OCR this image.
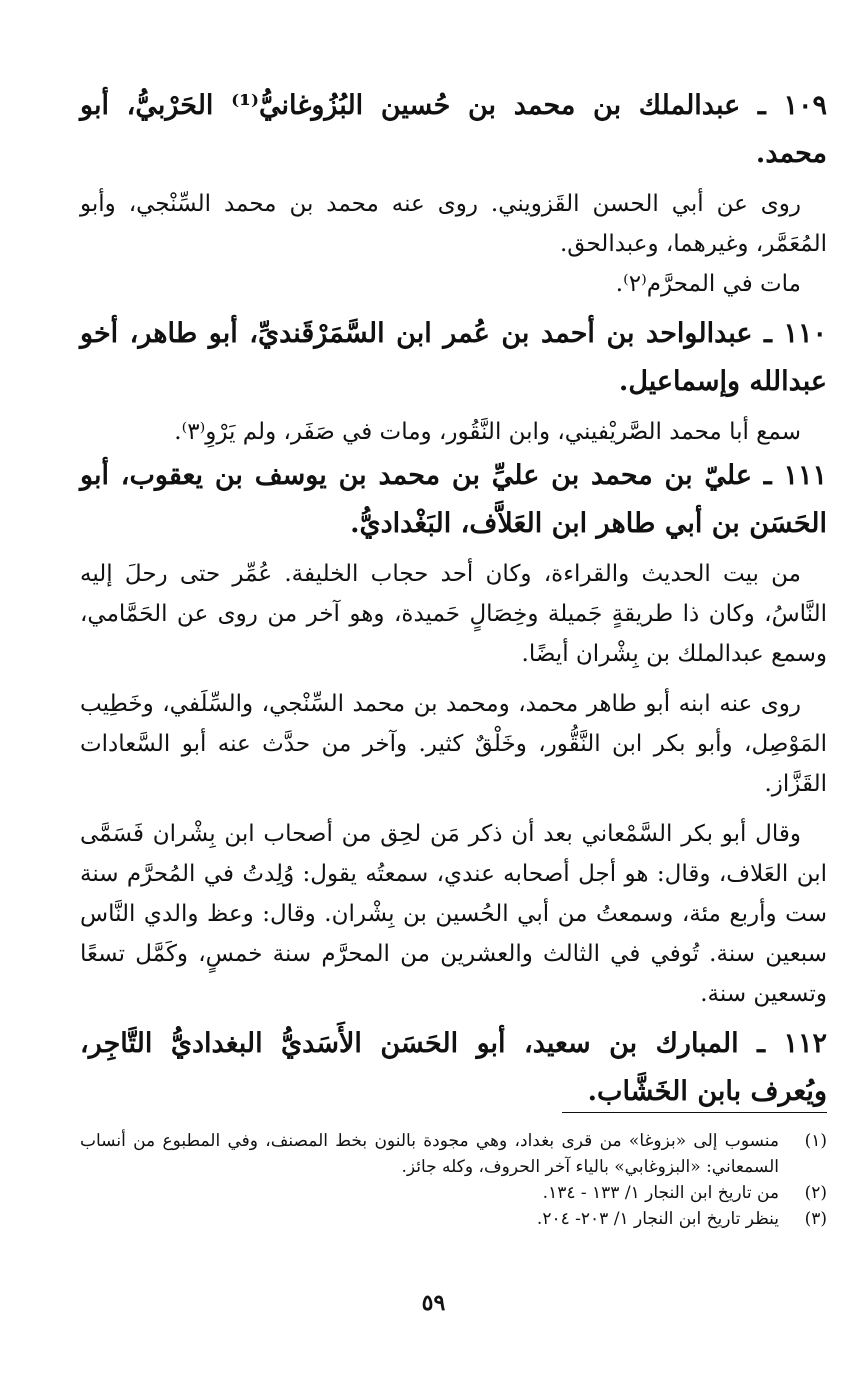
١٠٩ ـ عبدالملك بن محمد بن حُسين البُزُوغانيُّ⁽¹⁾ الحَرْبيُّ، أبو محمد.

روى عن أبي الحسن القَزويني. روى عنه محمد بن محمد السِّنْجي، وأبو المُعَمَّر، وغيرهما، وعبدالحق.

مات في المحرَّم⁽٢⁾.

١١٠ ـ عبدالواحد بن أحمد بن عُمر ابن السَّمَرْقَنديِّ، أبو طاهر، أخو عبدالله وإسماعيل.

سمع أبا محمد الصَّريْفيني، وابن النَّقُور، ومات في صَفَر، ولم يَرْوِ⁽٣⁾.

١١١ ـ عليّ بن محمد بن عليِّ بن محمد بن يوسف بن يعقوب، أبو الحَسَن بن أبي طاهر ابن العَلاَّف، البَغْداديُّ.

من بيت الحديث والقراءة، وكان أحد حجاب الخليفة. عُمِّر حتى رحلَ إليه النَّاسُ، وكان ذا طريقةٍ جَميلة وخِصَالٍ حَميدة، وهو آخر من روى عن الحَمَّامي، وسمع عبدالملك بن بِشْران أيضًا.

روى عنه ابنه أبو طاهر محمد، ومحمد بن محمد السِّنْجي، والسِّلَفي، وخَطِيب المَوْصِل، وأبو بكر ابن النَّقُّور، وخَلْقٌ كثير. وآخر من حدَّث عنه أبو السَّعادات القَزَّاز.

وقال أبو بكر السَّمْعاني بعد أن ذكر مَن لحِق من أصحاب ابن بِشْران فَسَمَّى ابن العَلاف، وقال: هو أجل أصحابه عندي، سمعتُه يقول: وُلِدتُ في المُحرَّم سنة ست وأربع مئة، وسمعتُ من أبي الحُسين بن بِشْران. وقال: وعظ والدي النَّاس سبعين سنة. تُوفي في الثالث والعشرين من المحرَّم سنة خمسٍ، وكَمَّل تسعًا وتسعين سنة.

١١٢ ـ المبارك بن سعيد، أبو الحَسَن الأَسَديُّ البغداديُّ التَّاجِر، ويُعرف بابن الخَشَّاب.

(١)
منسوب إلى «بزوغا» من قرى بغداد، وهي مجودة بالنون بخط المصنف، وفي المطبوع من أنساب السمعاني: «البزوغابي» بالياء آخر الحروف، وكله جائز.
(٢)
من تاريخ ابن النجار ١/ ١٣٣ - ١٣٤.
(٣)
ينظر تاريخ ابن النجار ١/ ٢٠٣- ٢٠٤.
٥٩
